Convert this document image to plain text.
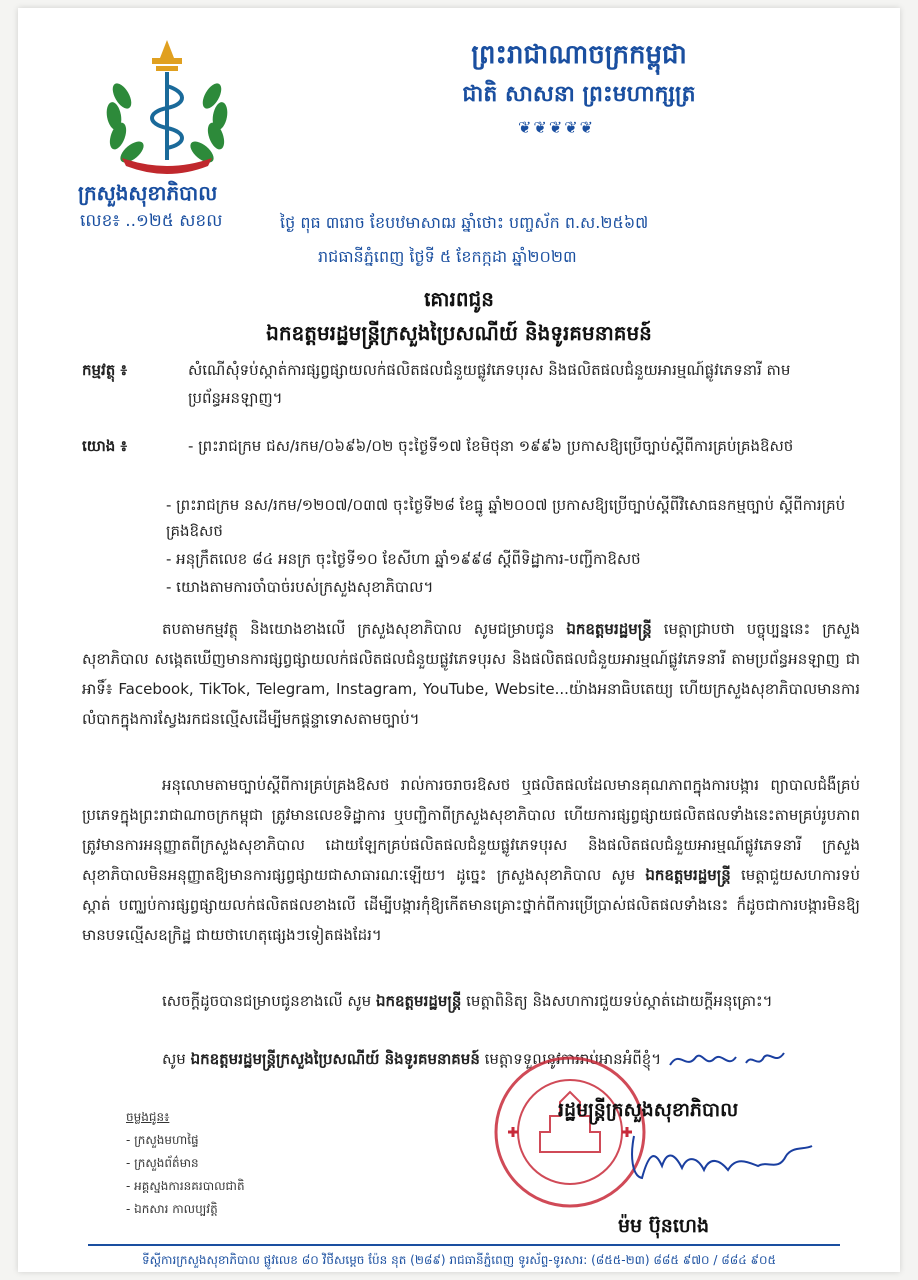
ក្រសួងសុខាភិបាល
លេខ៖ ..១២៥ សខល
ព្រះរាជាណាចក្រកម្ពុជា
ជាតិ សាសនា ព្រះមហាក្សត្រ
❦❦❦❦❦
ថ្ងៃ ពុធ ៣រោច ខែបឋមាសាឍ ឆ្នាំថោះ បញ្ចស័ក ព.ស.២៥៦៧
រាជធានីភ្នំពេញ ថ្ងៃទី ៥ ខែកក្កដា ឆ្នាំ២០២៣
គោរពជូន
ឯកឧត្តមរដ្ឋមន្ត្រីក្រសួងប្រៃសណីយ៍ និងទូរគមនាគមន៍
កម្មវត្ថុ ៖	សំណើសុំទប់ស្កាត់ការផ្សព្វផ្សាយលក់ផលិតផលជំនួយផ្លូវភេទបុរស និងផលិតផលជំនួយអារម្មណ៍ផ្លូវភេទនារី តាមប្រព័ន្ធអនឡាញ។
យោង ៖	- ព្រះរាជក្រម ជស/រកម/០៦៩៦/០២ ចុះថ្ងៃទី១៧ ខែមិថុនា ១៩៩៦ ប្រកាសឱ្យប្រើច្បាប់ស្តីពីការគ្រប់គ្រងឱសថ
- ព្រះរាជក្រម នស/រកម/១២០៧/០៣៧ ចុះថ្ងៃទី២៨ ខែធ្នូ ឆ្នាំ២០០៧ ប្រកាសឱ្យប្រើច្បាប់ស្តីពីវិសោធនកម្មច្បាប់ ស្តីពីការគ្រប់គ្រងឱសថ
- អនុក្រឹតលេខ ៨៤ អនក្រ ចុះថ្ងៃទី១០ ខែសីហា ឆ្នាំ១៩៩៨ ស្តីពីទិដ្ឋាការ-បញ្ជីកាឱសថ
- យោងតាមការចាំបាច់របស់ក្រសួងសុខាភិបាល។
តបតាមកម្មវត្ថុ និងយោងខាងលើ ក្រសួងសុខាភិបាល សូមជម្រាបជូន ឯកឧត្តមរដ្ឋមន្ត្រី មេត្តាជ្រាបថា បច្ចុប្បន្ននេះ ក្រសួងសុខាភិបាល សង្កេតឃើញមានការផ្សព្វផ្សាយលក់ផលិតផលជំនួយផ្លូវភេទបុរស និងផលិតផលជំនួយអារម្មណ៍ផ្លូវភេទនារី តាមប្រព័ន្ធអនឡាញ ជាអាទិ៍៖ Facebook, TikTok, Telegram, Instagram, YouTube, Website...យ៉ាងអនាធិបតេយ្យ ហើយក្រសួងសុខាភិបាលមានការលំបាកក្នុងការស្វែងរកជនល្មើសដើម្បីមកផ្តន្ទាទោសតាមច្បាប់។
អនុលោមតាមច្បាប់ស្តីពីការគ្រប់គ្រងឱសថ រាល់ការចរាចរឱសថ ឬផលិតផលដែលមានគុណភាពក្នុងការបង្ការ ព្យាបាលជំងឺគ្រប់ប្រភេទក្នុងព្រះរាជាណាចក្រកម្ពុជា ត្រូវមានលេខទិដ្ឋាការ ឬបញ្ជិកាពីក្រសួងសុខាភិបាល ហើយការផ្សព្វផ្សាយផលិតផលទាំងនេះតាមគ្រប់រូបភាពត្រូវមានការអនុញ្ញាតពីក្រសួងសុខាភិបាល ដោយឡែកគ្រប់ផលិតផលជំនួយផ្លូវភេទបុរស និងផលិតផលជំនួយអារម្មណ៍ផ្លូវភេទនារី ក្រសួងសុខាភិបាលមិនអនុញ្ញាតឱ្យមានការផ្សព្វផ្សាយជាសាធារណៈឡើយ។ ដូច្នេះ ក្រសួងសុខាភិបាល សូម ឯកឧត្តមរដ្ឋមន្ត្រី មេត្តាជួយសហការទប់ស្កាត់ បញ្ឈប់ការផ្សព្វផ្សាយលក់ផលិតផលខាងលើ ដើម្បីបង្ការកុំឱ្យកើតមានគ្រោះថ្នាក់ពីការប្រើប្រាស់ផលិតផលទាំងនេះ ក៏ដូចជាការបង្ការមិនឱ្យមានបទល្មើសឧក្រិដ្ឋ ជាយថាហេតុផ្សេងៗទៀតផងដែរ។
សេចក្តីដូចបានជម្រាបជូនខាងលើ សូម ឯកឧត្តមរដ្ឋមន្ត្រី មេត្តាពិនិត្យ និងសហការជួយទប់ស្កាត់ដោយក្តីអនុគ្រោះ។
សូម ឯកឧត្តមរដ្ឋមន្ត្រីក្រសួងប្រៃសណីយ៍ និងទូរគមនាគមន៍ មេត្តាទទួលនូវការរាប់អានអំពីខ្ញុំ។
ចម្លងជូន៖
- ក្រសួងមហាផ្ទៃ
- ក្រសួងព័ត៌មាន
- អគ្គស្នងការនគរបាលជាតិ
- ឯកសារ កាលប្បវត្តិ
រដ្ឋមន្ត្រីក្រសួងសុខាភិបាល
ម៉ម ប៊ុនហេង
ទីស្តីការក្រសួងសុខាភិបាល ផ្លូវលេខ ៨០ វិថីសម្តេច ប៉ែន នុត (២៨៩) រាជធានីភ្នំពេញ ទូរស័ព្ទ-ទូរសារ: (៨៥៥-២៣) ៨៨៥ ៩៧០ / ៨៨៤ ៩០៥
